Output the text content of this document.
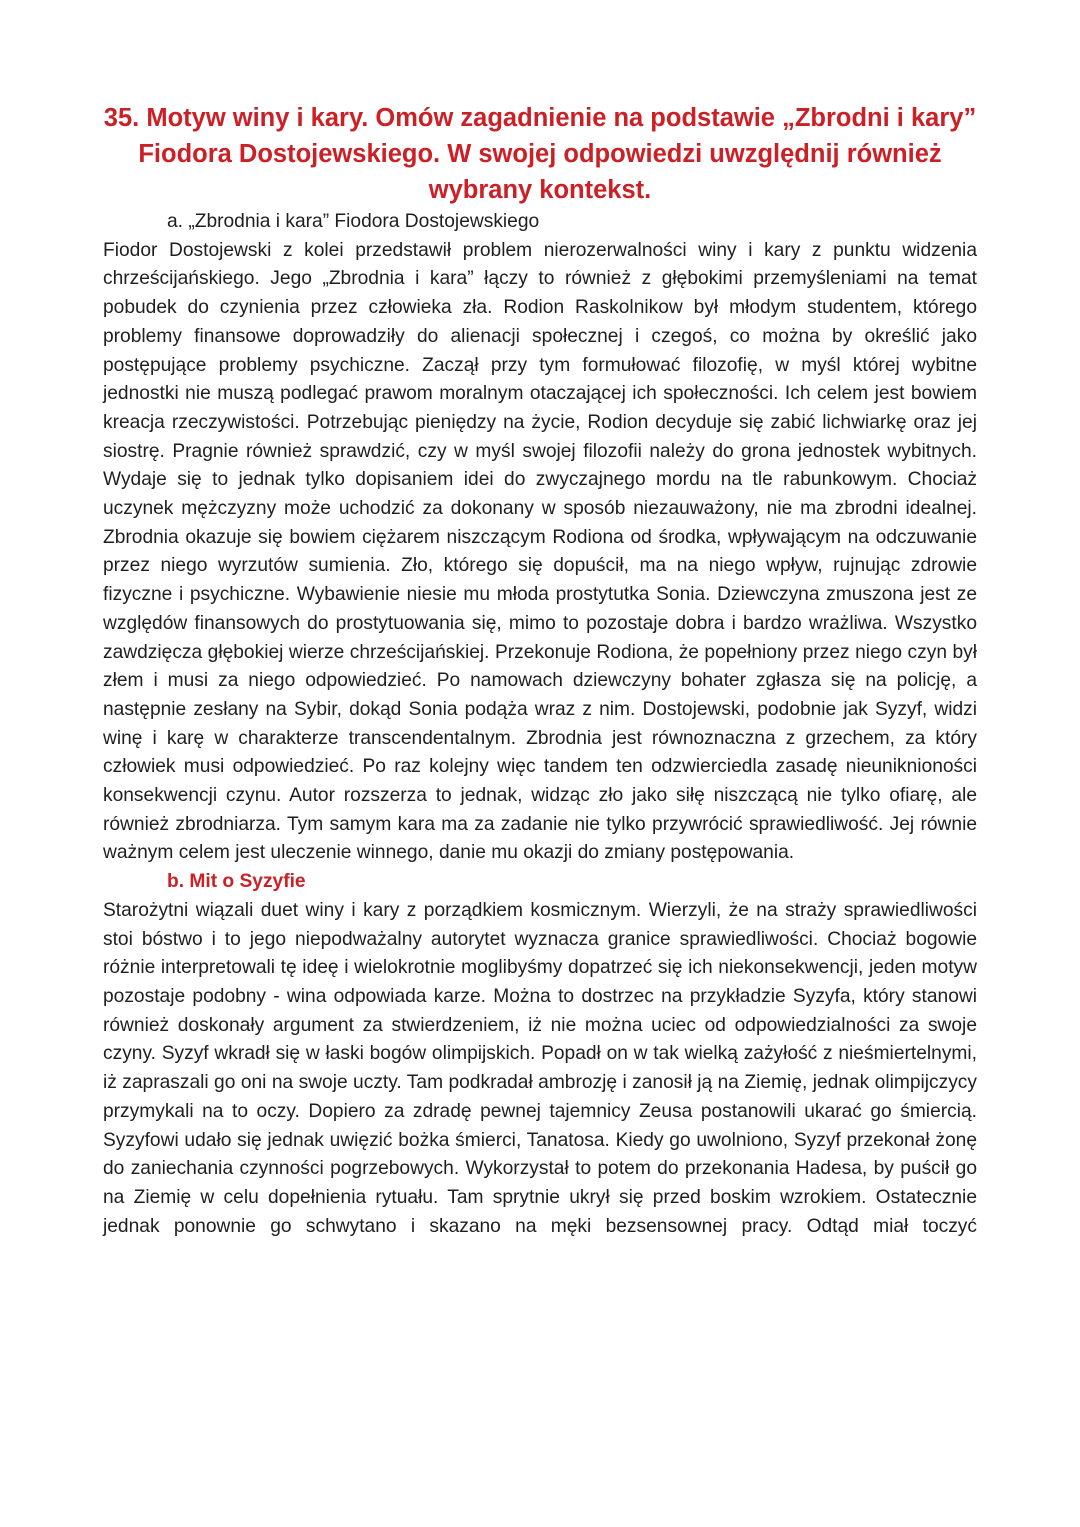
35. Motyw winy i kary. Omów zagadnienie na podstawie „Zbrodni i kary” Fiodora Dostojewskiego. W swojej odpowiedzi uwzględnij również wybrany kontekst.

a. „Zbrodnia i kara” Fiodora Dostojewskiego

Fiodor Dostojewski z kolei przedstawił problem nierozerwalności winy i kary z punktu widzenia chrześcijańskiego. Jego „Zbrodnia i kara” łączy to również z głębokimi przemyśleniami na temat pobudek do czynienia przez człowieka zła. Rodion Raskolnikow był młodym studentem, którego problemy finansowe doprowadziły do alienacji społecznej i czegoś, co można by określić jako postępujące problemy psychiczne. Zaczął przy tym formułować filozofię, w myśl której wybitne jednostki nie muszą podlegać prawom moralnym otaczającej ich społeczności. Ich celem jest bowiem kreacja rzeczywistości. Potrzebując pieniędzy na życie, Rodion decyduje się zabić lichwiarkę oraz jej siostrę. Pragnie również sprawdzić, czy w myśl swojej filozofii należy do grona jednostek wybitnych. Wydaje się to jednak tylko dopisaniem idei do zwyczajnego mordu na tle rabunkowym. Chociaż uczynek mężczyzny może uchodzić za dokonany w sposób niezauważony, nie ma zbrodni idealnej. Zbrodnia okazuje się bowiem ciężarem niszczącym Rodiona od środka, wpływającym na odczuwanie przez niego wyrzutów sumienia. Zło, którego się dopuścił, ma na niego wpływ, rujnując zdrowie fizyczne i psychiczne. Wybawienie niesie mu młoda prostytutka Sonia. Dziewczyna zmuszona jest ze względów finansowych do prostytuowania się, mimo to pozostaje dobra i bardzo wrażliwa. Wszystko zawdzięcza głębokiej wierze chrześcijańskiej. Przekonuje Rodiona, że popełniony przez niego czyn był złem i musi za niego odpowiedzieć. Po namowach dziewczyny bohater zgłasza się na policję, a następnie zesłany na Sybir, dokąd Sonia podąża wraz z nim. Dostojewski, podobnie jak Syzyf, widzi winę i karę w charakterze transcendentalnym. Zbrodnia jest równoznaczna z grzechem, za który człowiek musi odpowiedzieć. Po raz kolejny więc tandem ten odzwierciedla zasadę nieuniknioności konsekwencji czynu. Autor rozszerza to jednak, widząc zło jako siłę niszczącą nie tylko ofiarę, ale również zbrodniarza. Tym samym kara ma za zadanie nie tylko przywrócić sprawiedliwość. Jej równie ważnym celem jest uleczenie winnego, danie mu okazji do zmiany postępowania.

b. Mit o Syzyfie

Starożytni wiązali duet winy i kary z porządkiem kosmicznym. Wierzyli, że na straży sprawiedliwości stoi bóstwo i to jego niepodważalny autorytet wyznacza granice sprawiedliwości. Chociaż bogowie różnie interpretowali tę ideę i wielokrotnie moglibyśmy dopatrzeć się ich niekonsekwencji, jeden motyw pozostaje podobny - wina odpowiada karze. Można to dostrzec na przykładzie Syzyfa, który stanowi również doskonały argument za stwierdzeniem, iż nie można uciec od odpowiedzialności za swoje czyny. Syzyf wkradł się w łaski bogów olimpijskich. Popadł on w tak wielką zażyłość z nieśmiertelnymi, iż zapraszali go oni na swoje uczty. Tam podkradał ambrozję i zanosił ją na Ziemię, jednak olimpijczycy przymykali na to oczy. Dopiero za zdradę pewnej tajemnicy Zeusa postanowili ukarać go śmiercią. Syzyfowi udało się jednak uwięzić bożka śmierci, Tanatosa. Kiedy go uwolniono, Syzyf przekonał żonę do zaniechania czynności pogrzebowych. Wykorzystał to potem do przekonania Hadesa, by puścił go na Ziemię w celu dopełnienia rytuału. Tam sprytnie ukrył się przed boskim wzrokiem. Ostatecznie jednak ponownie go schwytano i skazano na męki bezsensownej pracy. Odtąd miał toczyć
